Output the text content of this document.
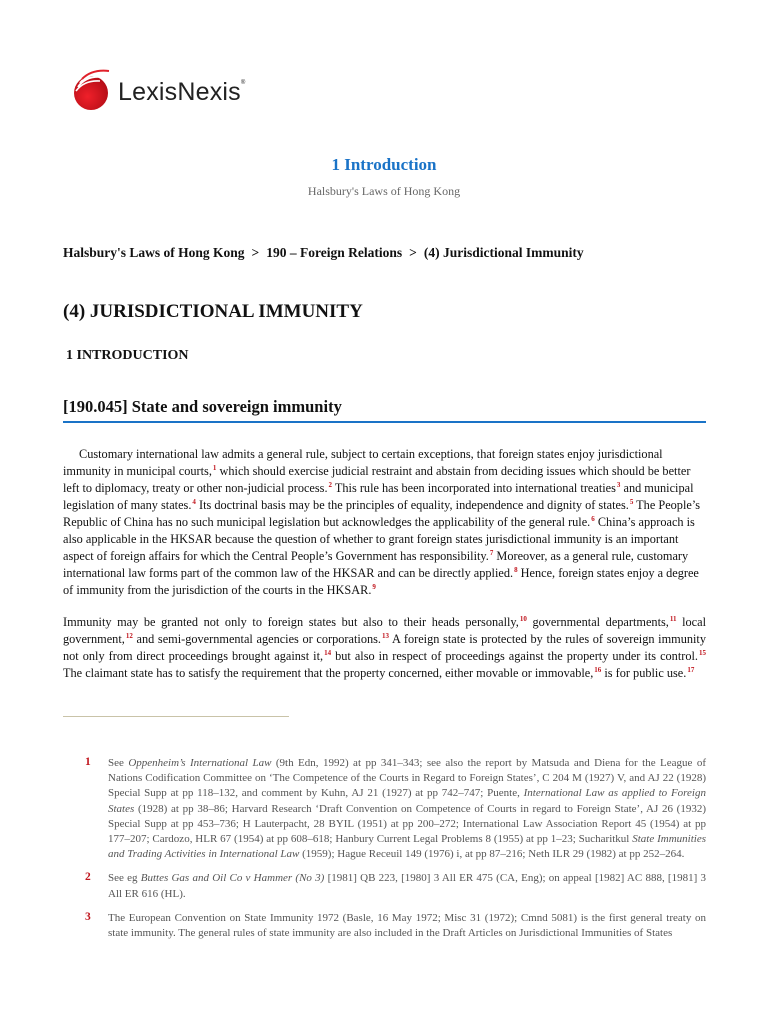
LexisNexis®
1 Introduction
Halsbury's Laws of Hong Kong
Halsbury's Laws of Hong Kong > 190 – Foreign Relations > (4) Jurisdictional Immunity
(4) JURISDICTIONAL IMMUNITY
1 INTRODUCTION
[190.045] State and sovereign immunity
Customary international law admits a general rule, subject to certain exceptions, that foreign states enjoy jurisdictional immunity in municipal courts,$^1$ which should exercise judicial restraint and abstain from deciding issues which should be better left to diplomacy, treaty or other non-judicial process.$^2$ This rule has been incorporated into international treaties$^3$ and municipal legislation of many states.$^4$ Its doctrinal basis may be the principles of equality, independence and dignity of states.$^5$ The People’s Republic of China has no such municipal legislation but acknowledges the applicability of the general rule.$^6$ China’s approach is also applicable in the HKSAR because the question of whether to grant foreign states jurisdictional immunity is an important aspect of foreign affairs for which the Central People’s Government has responsibility.$^7$ Moreover, as a general rule, customary international law forms part of the common law of the HKSAR and can be directly applied.$^8$ Hence, foreign states enjoy a degree of immunity from the jurisdiction of the courts in the HKSAR.$^9$
Immunity may be granted not only to foreign states but also to their heads personally,$^{10}$ governmental departments,$^{11}$ local government,$^{12}$ and semi-governmental agencies or corporations.$^{13}$ A foreign state is protected by the rules of sovereign immunity not only from direct proceedings brought against it,$^{14}$ but also in respect of proceedings against the property under its control.$^{15}$ The claimant state has to satisfy the requirement that the property concerned, either movable or immovable,$^{16}$ is for public use.$^{17}$
1 See Oppenheim’s International Law (9th Edn, 1992) at pp 341–343; see also the report by Matsuda and Diena for the League of Nations Codification Committee on ‘The Competence of the Courts in Regard to Foreign States’, C 204 M (1927) V, and AJ 22 (1928) Special Supp at pp 118–132, and comment by Kuhn, AJ 21 (1927) at pp 742–747; Puente, International Law as applied to Foreign States (1928) at pp 38–86; Harvard Research ‘Draft Convention on Competence of Courts in regard to Foreign State’, AJ 26 (1932) Special Supp at pp 453–736; H Lauterpacht, 28 BYIL (1951) at pp 200–272; International Law Association Report 45 (1954) at pp 177–207; Cardozo, HLR 67 (1954) at pp 608–618; Hanbury Current Legal Problems 8 (1955) at pp 1–23; Sucharitkul State Immunities and Trading Activities in International Law (1959); Hague Receuil 149 (1976) i, at pp 87–216; Neth ILR 29 (1982) at pp 252–264.
2 See eg Buttes Gas and Oil Co v Hammer (No 3) [1981] QB 223, [1980] 3 All ER 475 (CA, Eng); on appeal [1982] AC 888, [1981] 3 All ER 616 (HL).
3 The European Convention on State Immunity 1972 (Basle, 16 May 1972; Misc 31 (1972); Cmnd 5081) is the first general treaty on state immunity. The general rules of state immunity are also included in the Draft Articles on Jurisdictional Immunities of States
